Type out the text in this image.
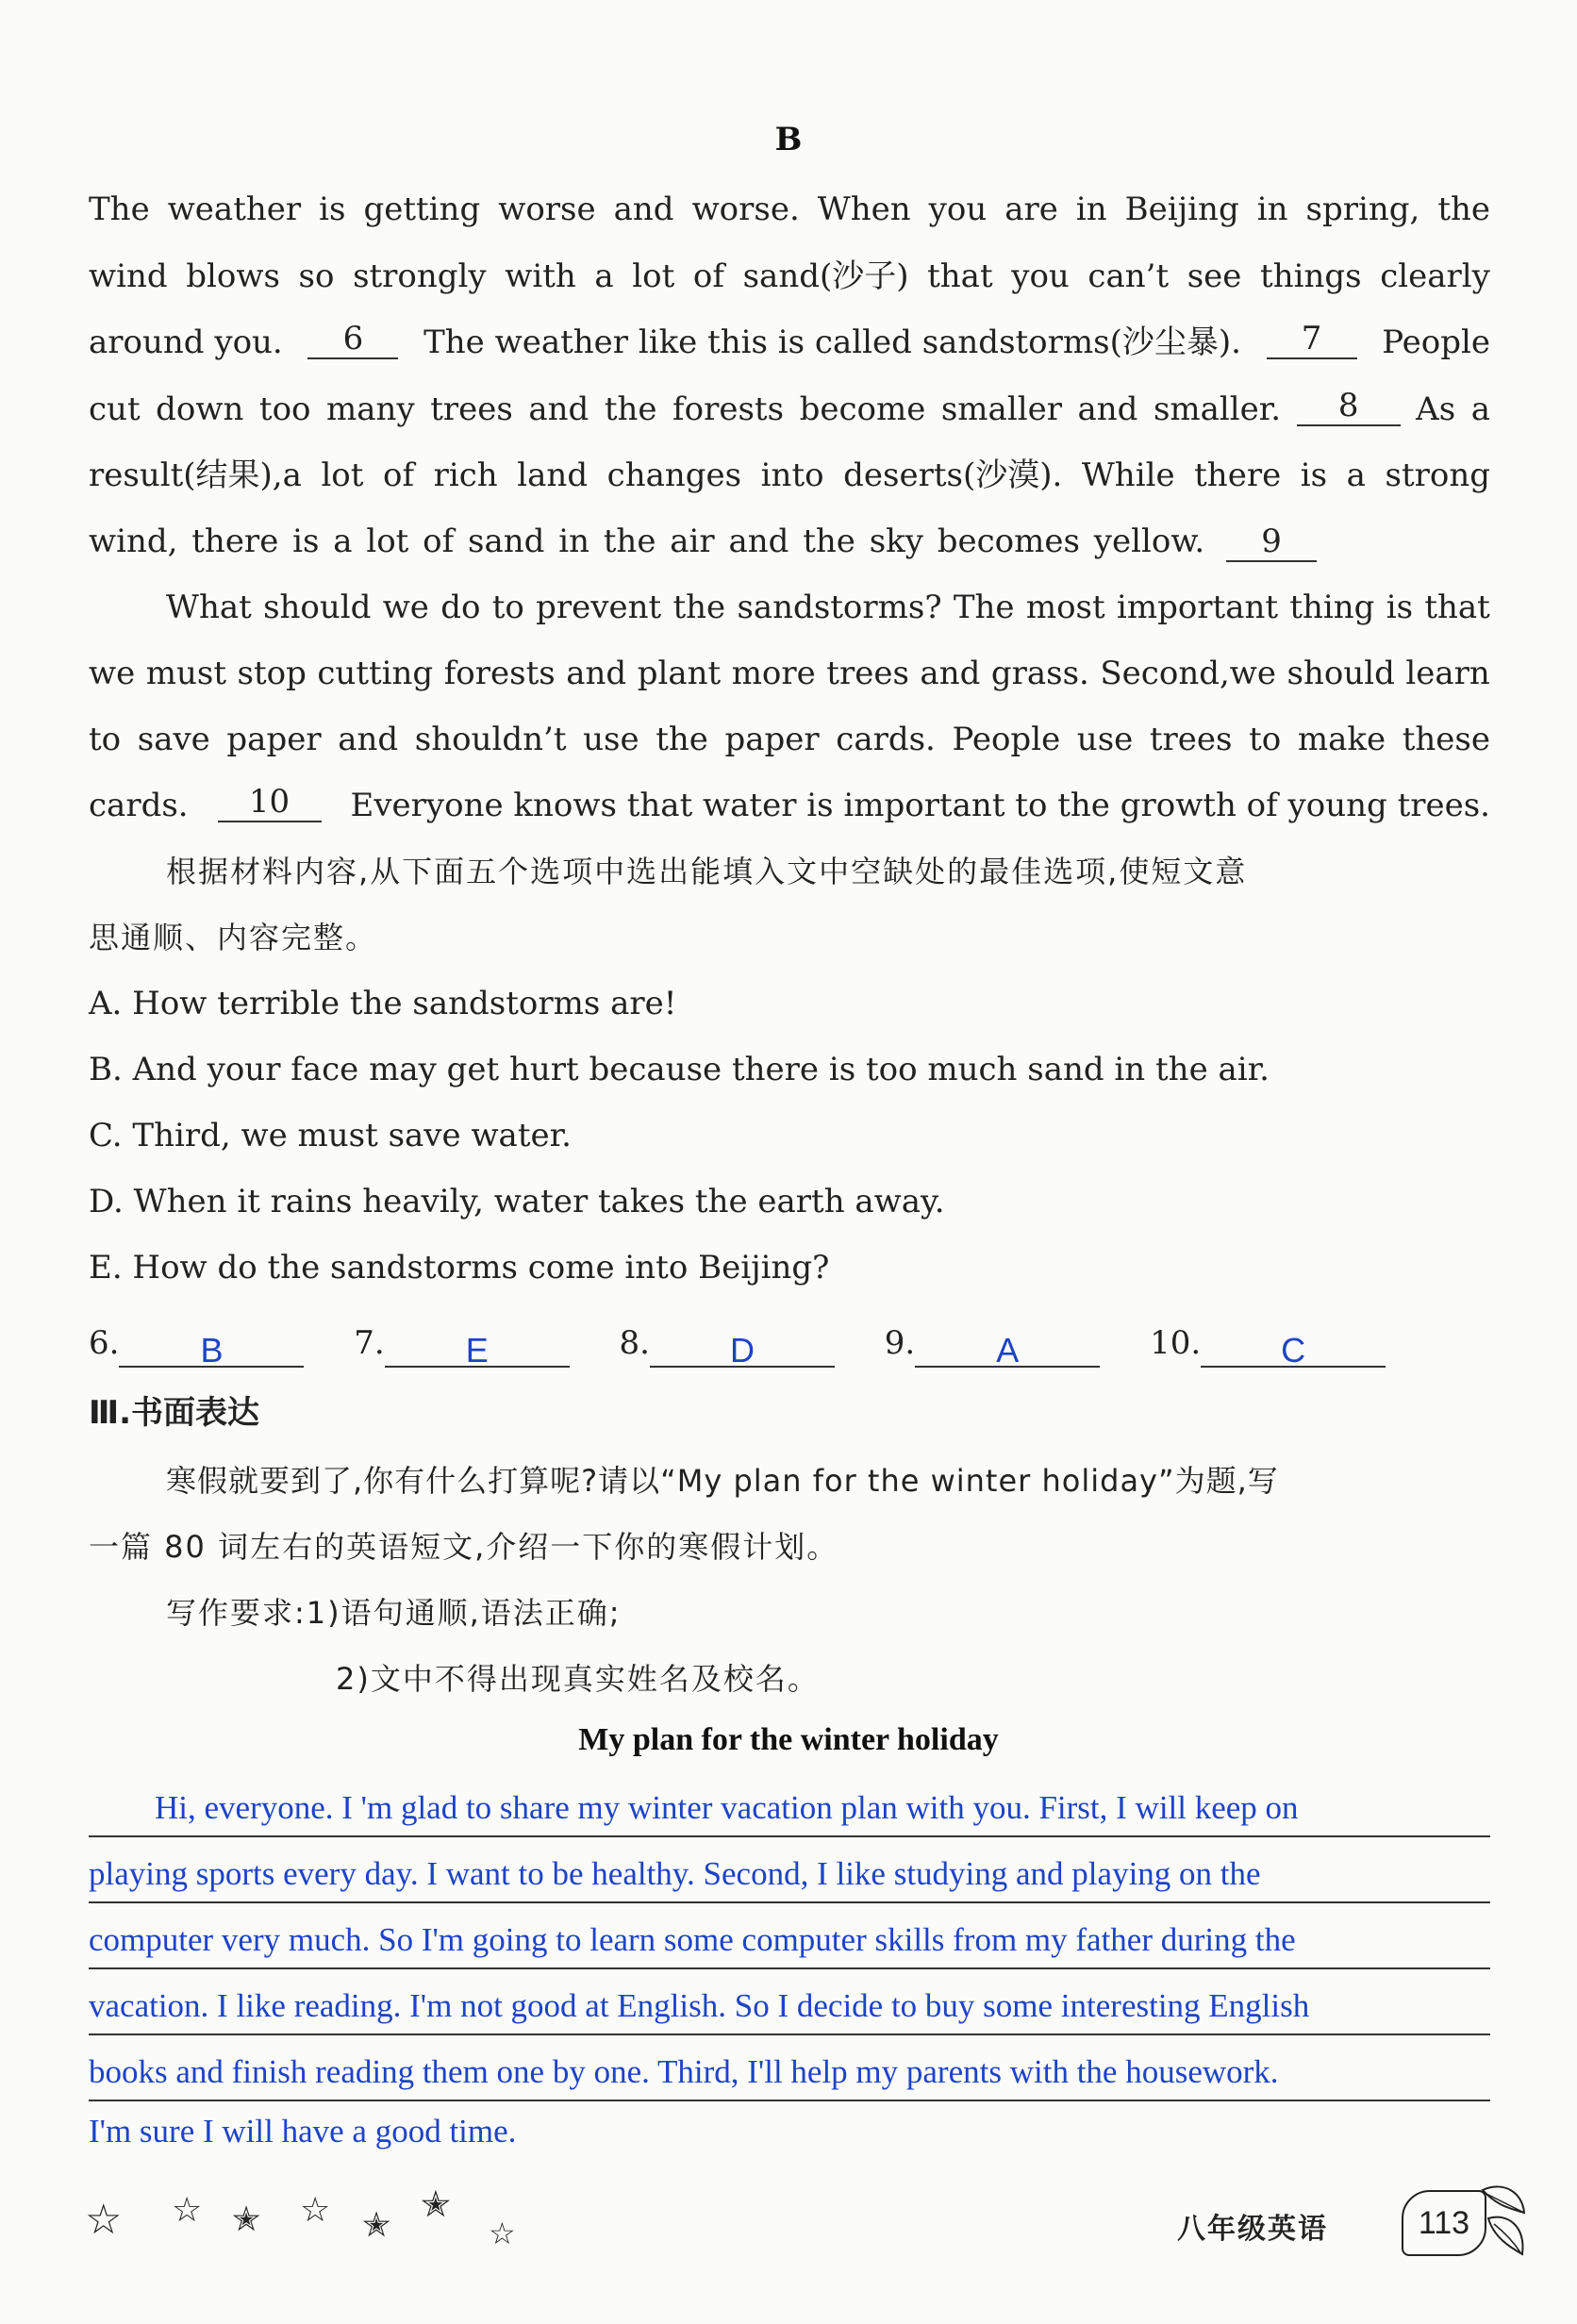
B
The weather is getting worse and worse. When you are in Beijing in spring, the
wind blows so strongly with a lot of sand(沙子) that you can’t see things clearly
around you.	6	The weather like this is called sandstorms(沙尘暴).	7	People
cut down too many trees and the forests become smaller and smaller.	8	As a
result(结果),a lot of rich land changes into deserts(沙漠). While there is a strong
wind, there is a lot of sand in the air and the sky becomes yellow. 9
What should we do to prevent the sandstorms? The most important thing is that
we must stop cutting forests and plant more trees and grass. Second,we should learn
to save paper and shouldn’t use the paper cards. People use trees to make these
cards.	10	Everyone knows that water is important to the growth of young trees.
根据材料内容,从下面五个选项中选出能填入文中空缺处的最佳选项,使短文意
思通顺、内容完整。
A. How terrible the sandstorms are!
B. And your face may get hurt because there is too much sand in the air.
C. Third, we must save water.
D. When it rains heavily, water takes the earth away.
E. How do the sandstorms come into Beijing?
6. B	7. E	8. D	9. A	10. C
Ⅲ.书面表达
寒假就要到了,你有什么打算呢?请以“My plan for the winter holiday”为题,写
一篇 80 词左右的英语短文,介绍一下你的寒假计划。
写作要求:1)语句通顺,语法正确;
2)文中不得出现真实姓名及校名。
My plan for the winter holiday
Hi, everyone. I 'm glad to share my winter vacation plan with you. First, I will keep on
playing sports every day. I want to be healthy. Second, I like studying and playing on the
computer very much. So I'm going to learn some computer skills from my father during the
vacation. I like reading. I'm not good at English. So I decide to buy some interesting English
books and finish reading them one by one. Third, I'll help my parents with the housework.
I'm sure I will have a good time.
☆ ☆ ✭ ☆ ✭
✭
☆	八年级英语	113
